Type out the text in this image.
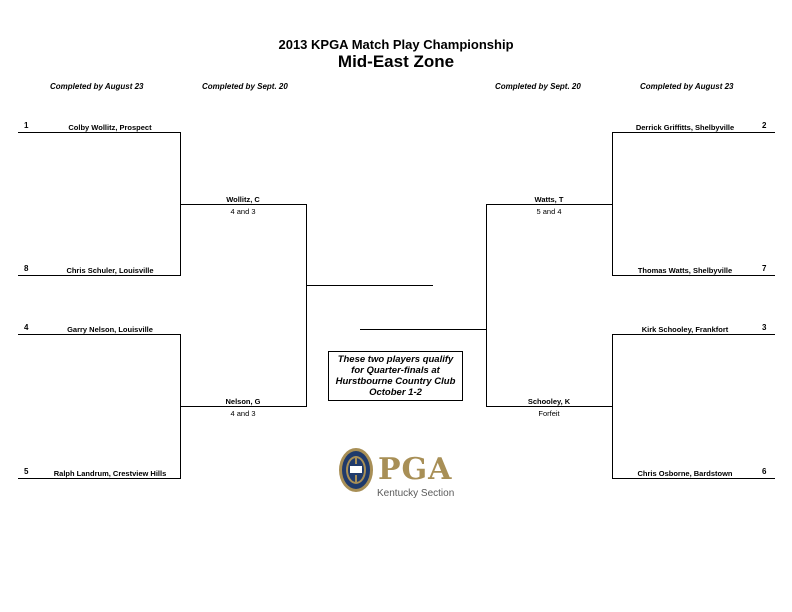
2013 KPGA Match Play Championship
Mid-East Zone
Completed by August 23	Completed by Sept. 20	Completed by Sept. 20	Completed by August 23
1	Colby Wollitz, Prospect
8	Chris Schuler, Louisville
4	Garry Nelson, Louisville
5	Ralph Landrum, Crestview Hills
Wollitz, C
4 and 3
Nelson, G
4 and 3
Derrick Griffitts, Shelbyville	2
Thomas Watts, Shelbyville	7
Kirk Schooley, Frankfort	3
Chris Osborne, Bardstown	6
Watts, T
5 and 4
Schooley, K
Forfeit
These two players qualify
for Quarter-finals at
Hurstbourne Country Club
October 1-2
PGA
Kentucky Section
